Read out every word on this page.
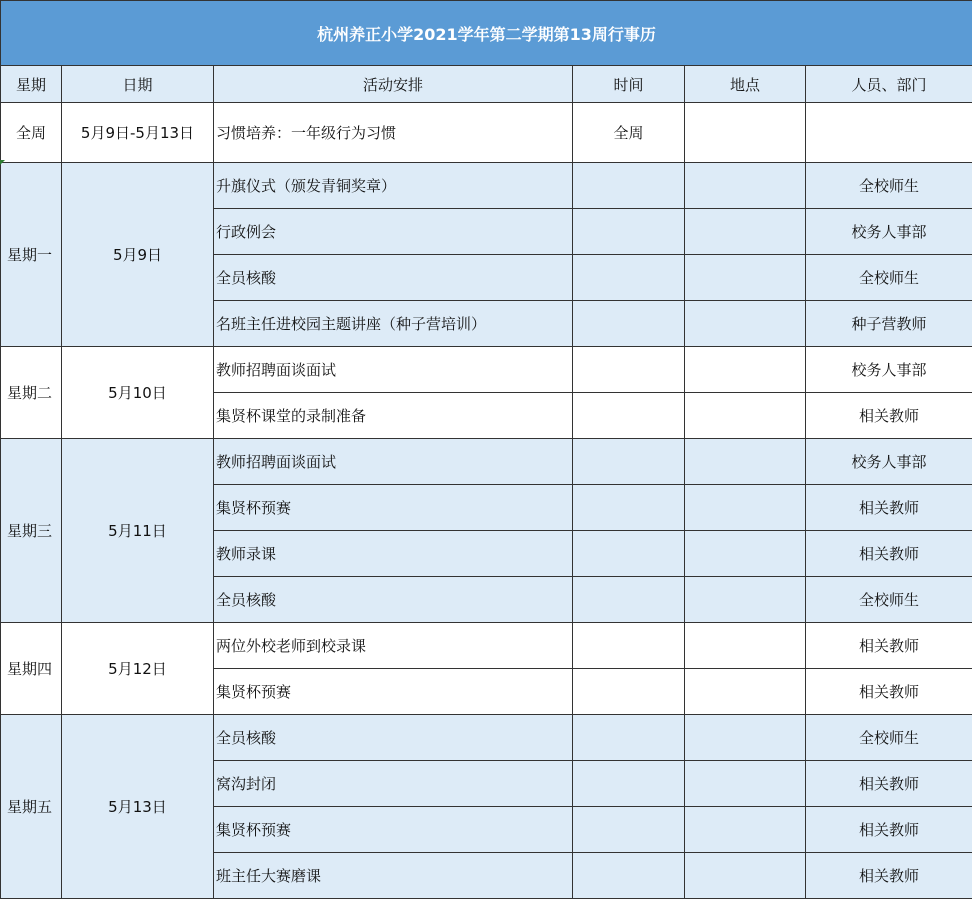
杭州养正小学2021学年第二学期第13周行事历					
星期	日期	活动安排	时间	地点	人员、部门
全周	5月9日-5月13日	习惯培养：一年级行为习惯	全周		
星期一	5月9日	升旗仪式（颁发青铜奖章）			全校师生
		行政例会			校务人事部
		全员核酸			全校师生
		名班主任进校园主题讲座（种子营培训）			种子营教师
星期二	5月10日	教师招聘面谈面试			校务人事部
		集贤杯课堂的录制准备			相关教师
星期三	5月11日	教师招聘面谈面试			校务人事部
		集贤杯预赛			相关教师
		教师录课			相关教师
		全员核酸			全校师生
星期四	5月12日	两位外校老师到校录课			相关教师
		集贤杯预赛			相关教师
星期五	5月13日	全员核酸			全校师生
		窝沟封闭			相关教师
		集贤杯预赛			相关教师
		班主任大赛磨课			相关教师
